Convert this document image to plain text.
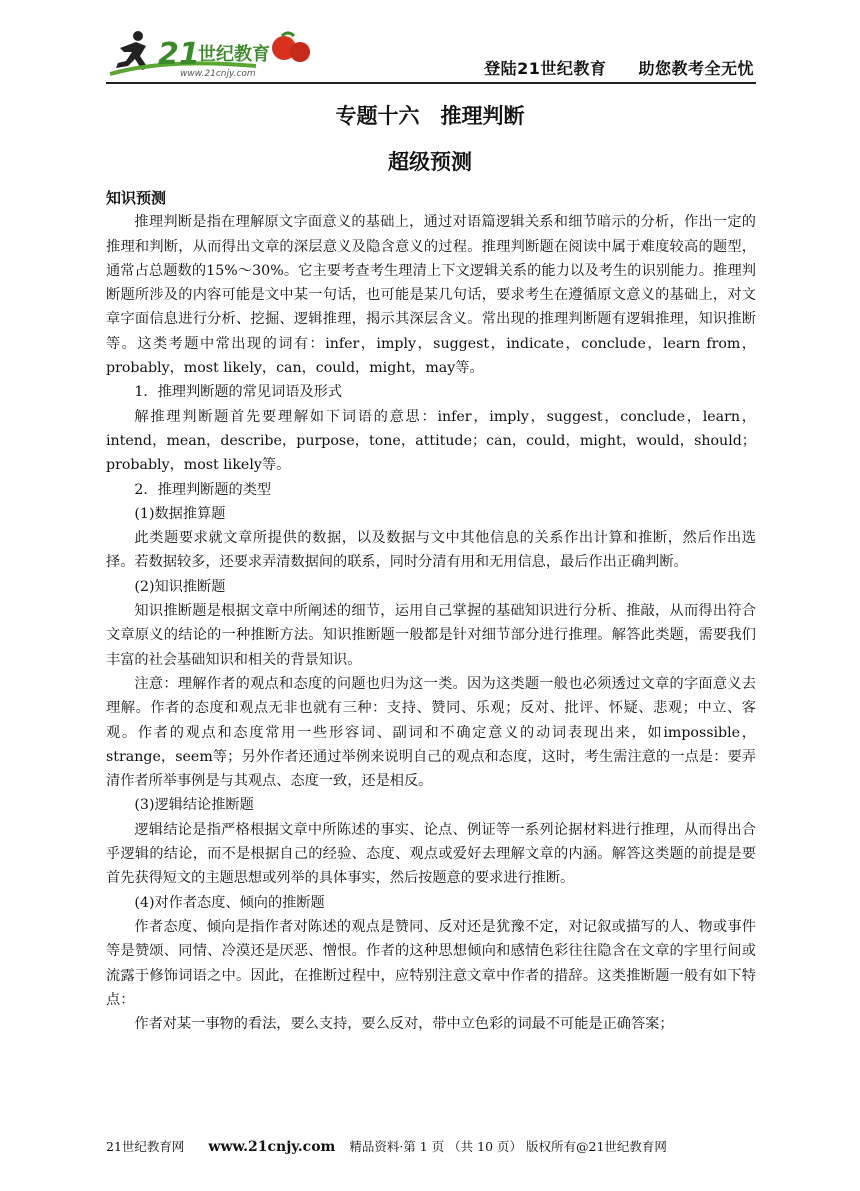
21
世纪教育
www.21cnjy.com	登陆21世纪教育 助您教考全无忧
专题十六　推理判断
超级预测
知识预测

推理判断是指在理解原文字面意义的基础上，通过对语篇逻辑关系和细节暗示的分析，作出一定的推理和判断，从而得出文章的深层意义及隐含意义的过程。推理判断题在阅读中属于难度较高的题型，通常占总题数的15%～30%。它主要考查考生理清上下文逻辑关系的能力以及考生的识别能力。推理判断题所涉及的内容可能是文中某一句话，也可能是某几句话，要求考生在遵循原文意义的基础上，对文章字面信息进行分析、挖掘、逻辑推理，揭示其深层含义。常出现的推理判断题有逻辑推理，知识推断等。这类考题中常出现的词有：infer，imply，suggest，indicate，conclude，learn from，probably，most likely，can，could，might，may等。

1．推理判断题的常见词语及形式

解推理判断题首先要理解如下词语的意思：infer，imply，suggest，conclude，learn，intend，mean，describe，purpose，tone，attitude；can，could，might，would，should；probably，most likely等。

2．推理判断题的类型

(1)数据推算题

此类题要求就文章所提供的数据，以及数据与文中其他信息的关系作出计算和推断，然后作出选择。若数据较多，还要求弄清数据间的联系，同时分清有用和无用信息，最后作出正确判断。

(2)知识推断题

知识推断题是根据文章中所阐述的细节，运用自己掌握的基础知识进行分析、推敲，从而得出符合文章原义的结论的一种推断方法。知识推断题一般都是针对细节部分进行推理。解答此类题，需要我们丰富的社会基础知识和相关的背景知识。

注意：理解作者的观点和态度的问题也归为这一类。因为这类题一般也必须透过文章的字面意义去理解。作者的态度和观点无非也就有三种：支持、赞同、乐观；反对、批评、怀疑、悲观；中立、客观。作者的观点和态度常用一些形容词、副词和不确定意义的动词表现出来，如impossible，strange，seem等；另外作者还通过举例来说明自己的观点和态度，这时，考生需注意的一点是：要弄清作者所举事例是与其观点、态度一致，还是相反。

(3)逻辑结论推断题

逻辑结论是指严格根据文章中所陈述的事实、论点、例证等一系列论据材料进行推理，从而得出合乎逻辑的结论，而不是根据自己的经验、态度、观点或爱好去理解文章的内涵。解答这类题的前提是要首先获得短文的主题思想或列举的具体事实，然后按题意的要求进行推断。

(4)对作者态度、倾向的推断题

作者态度、倾向是指作者对陈述的观点是赞同、反对还是犹豫不定，对记叙或描写的人、物或事件等是赞颂、同情、冷漠还是厌恶、憎恨。作者的这种思想倾向和感情色彩往往隐含在文章的字里行间或流露于修饰词语之中。因此，在推断过程中，应特别注意文章中作者的措辞。这类推断题一般有如下特点：

作者对某一事物的看法，要么支持，要么反对，带中立色彩的词最不可能是正确答案；

21世纪教育网 www.21cnjy.com 精品资料·第 1 页 （共 10 页） 版权所有@21世纪教育网
